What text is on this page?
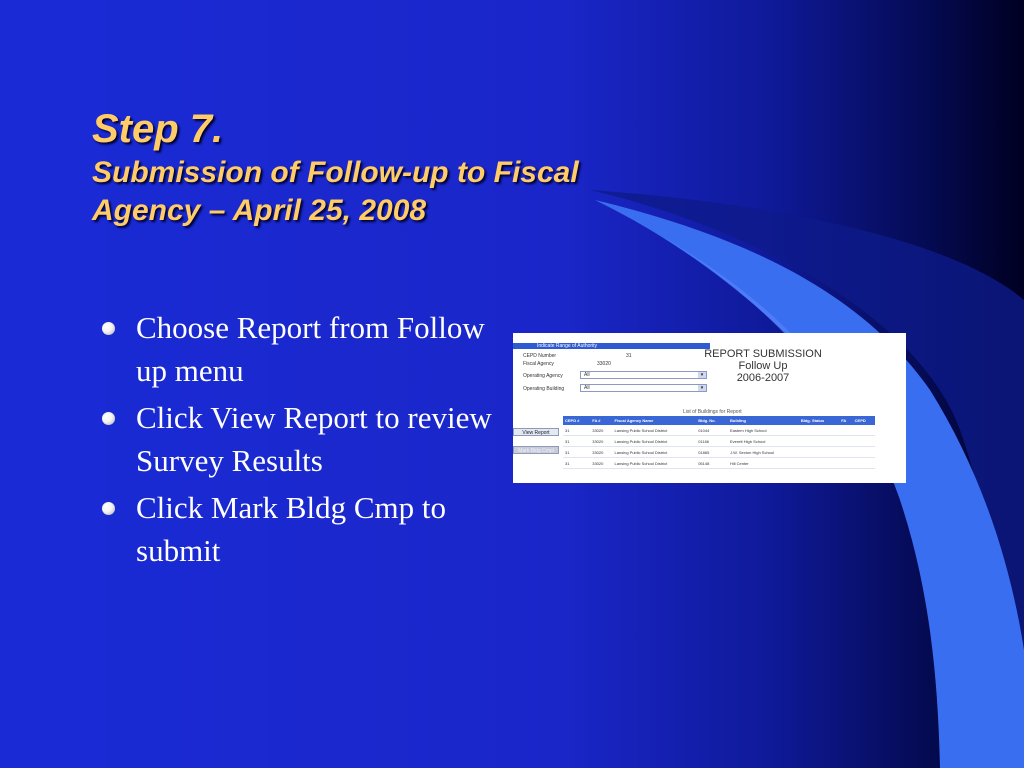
Step 7.
Submission of Follow-up to Fiscal
Agency – April 25, 2008
Choose Report from Follow up menu
Click View Report to review Survey Results
Click Mark Bldg Cmp to submit
Indicate Range of Authority
CEPD Number	31
Fiscal Agency	33020
Operating Agency	All	▾
Operating Building	All	▾
REPORT SUBMISSION
Follow Up
2006-2007
List of Buildings for Report
View Report
Mark Bldg Cmpl
CEPD #	FA #	Fiscal Agency Name	Bldg. No.	Building	Bldg. Status	FA	CEPD
31	33020	Lansing Public School District	01044	Eastern High School			
31	33020	Lansing Public School District	01166	Everett High School			
31	33020	Lansing Public School District	01865	J.W. Sexton High School			
31	33020	Lansing Public School District	05148	Hill Center			
